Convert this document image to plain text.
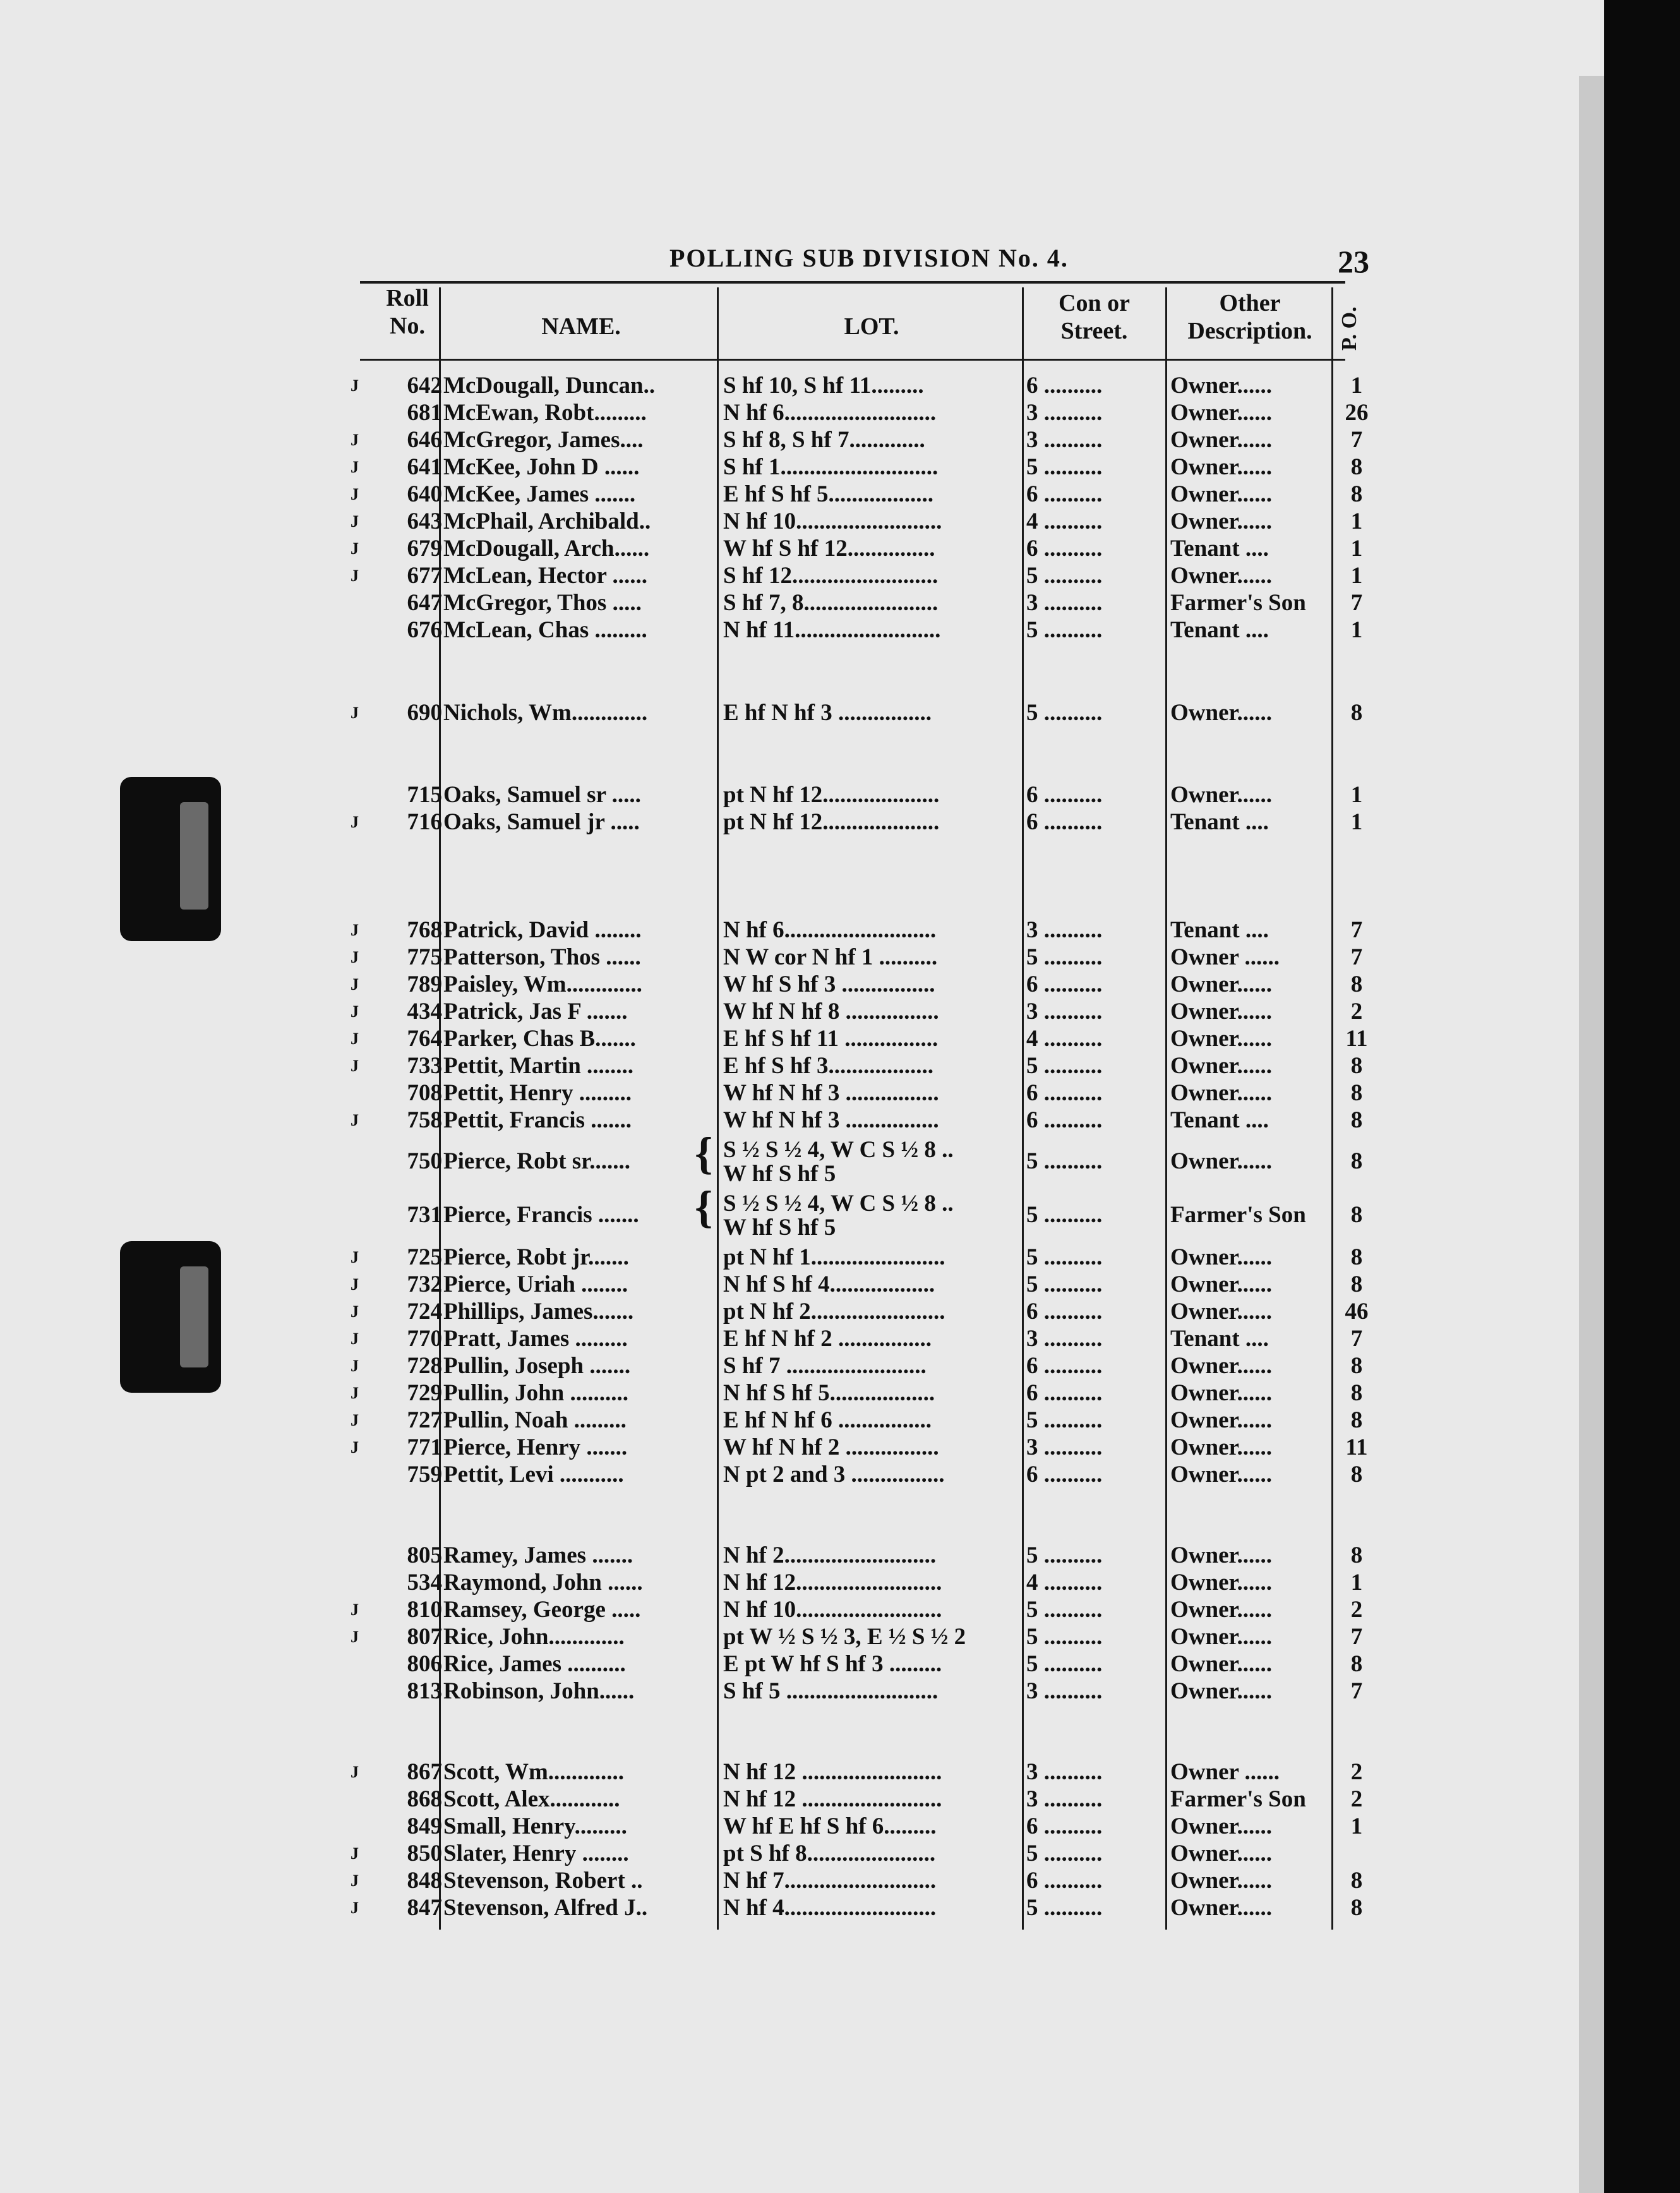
POLLING SUB DIVISION No. 4.	23
Roll
No.	NAME.	LOT.
Con or
Street.
Other
Description.	P. O.
J	642 McDougall, Duncan..	S hf 10, S hf 11.........	6 ..........	Owner......	1
681 McEwan, Robt.........	N hf 6..........................	3 ..........	Owner......	26
J	646 McGregor, James....	S hf 8, S hf 7.............	3 ..........	Owner......	7
J	641 McKee, John D ......	S hf 1...........................	5 ..........	Owner......	8
J	640 McKee, James .......	E hf S hf 5..................	6 ..........	Owner......	8
J	643 McPhail, Archibald..	N hf 10.........................	4 ..........	Owner......	1
J	679 McDougall, Arch......	W hf S hf 12...............	6 ..........	Tenant ....	1
J	677 McLean, Hector ......	S hf 12.........................	5 ..........	Owner......	1
647 McGregor, Thos .....	S hf 7, 8.......................	3 ..........	Farmer's Son	7
676 McLean, Chas .........	N hf 11.........................	5 ..........	Tenant ....	1
J	690 Nichols, Wm.............	E hf N hf 3 ................	5 ..........	Owner......	8
715 Oaks, Samuel sr .....	pt N hf 12....................	6 ..........	Owner......	1
J	716 Oaks, Samuel jr .....	pt N hf 12....................	6 ..........	Tenant ....	1
J	768 Patrick, David ........	N hf 6..........................	3 ..........	Tenant ....	7
J	775 Patterson, Thos ......	N W cor N hf 1 ..........	5 ..........	Owner ......	7
J	789 Paisley, Wm.............	W hf S hf 3 ................	6 ..........	Owner......	8
J	434 Patrick, Jas F .......	W hf N hf 8 ................	3 ..........	Owner......	2
J	764 Parker, Chas B.......	E hf S hf 11 ................	4 ..........	Owner......	11
J	733 Pettit, Martin ........	E hf S hf 3..................	5 ..........	Owner......	8
708 Pettit, Henry .........	W hf N hf 3 ................	6 ..........	Owner......	8
J	758 Pettit, Francis .......	W hf N hf 3 ................	6 ..........	Tenant ....	8
750 Pierce, Robt sr.......	S ½ S ½ 4, W C S ½ 8 ..	5 ..........	Owner......	8
W hf S hf 5
{
731 Pierce, Francis .......	S ½ S ½ 4, W C S ½ 8 ..	5 ..........	Farmer's Son	8
W hf S hf 5
{
J	725 Pierce, Robt jr.......	pt N hf 1.......................	5 ..........	Owner......	8
J	732 Pierce, Uriah ........	N hf S hf 4..................	5 ..........	Owner......	8
J	724 Phillips, James.......	pt N hf 2.......................	6 ..........	Owner......	46
J	770 Pratt, James .........	E hf N hf 2 ................	3 ..........	Tenant ....	7
J	728 Pullin, Joseph .......	S hf 7 ........................	6 ..........	Owner......	8
J	729 Pullin, John ..........	N hf S hf 5..................	6 ..........	Owner......	8
J	727 Pullin, Noah .........	E hf N hf 6 ................	5 ..........	Owner......	8
J	771 Pierce, Henry .......	W hf N hf 2 ................	3 ..........	Owner......	11
759 Pettit, Levi ...........	N pt 2 and 3 ................	6 ..........	Owner......	8
805 Ramey, James .......	N hf 2..........................	5 ..........	Owner......	8
534 Raymond, John ......	N hf 12.........................	4 ..........	Owner......	1
J	810 Ramsey, George .....	N hf 10.........................	5 ..........	Owner......	2
J	807 Rice, John.............	pt W ½ S ½ 3, E ½ S ½ 2	5 ..........	Owner......	7
806 Rice, James ..........	E pt W hf S hf 3 .........	5 ..........	Owner......	8
813 Robinson, John......	S hf 5 ..........................	3 ..........	Owner......	7
J	867 Scott, Wm.............	N hf 12 ........................	3 ..........	Owner ......	2
868 Scott, Alex............	N hf 12 ........................	3 ..........	Farmer's Son	2
849 Small, Henry.........	W hf E hf S hf 6.........	6 ..........	Owner......	1
J	850 Slater, Henry ........	pt S hf 8......................	5 ..........	Owner......
J	848 Stevenson, Robert ..	N hf 7..........................	6 ..........	Owner......	8
J	847 Stevenson, Alfred J..	N hf 4..........................	5 ..........	Owner......	8
